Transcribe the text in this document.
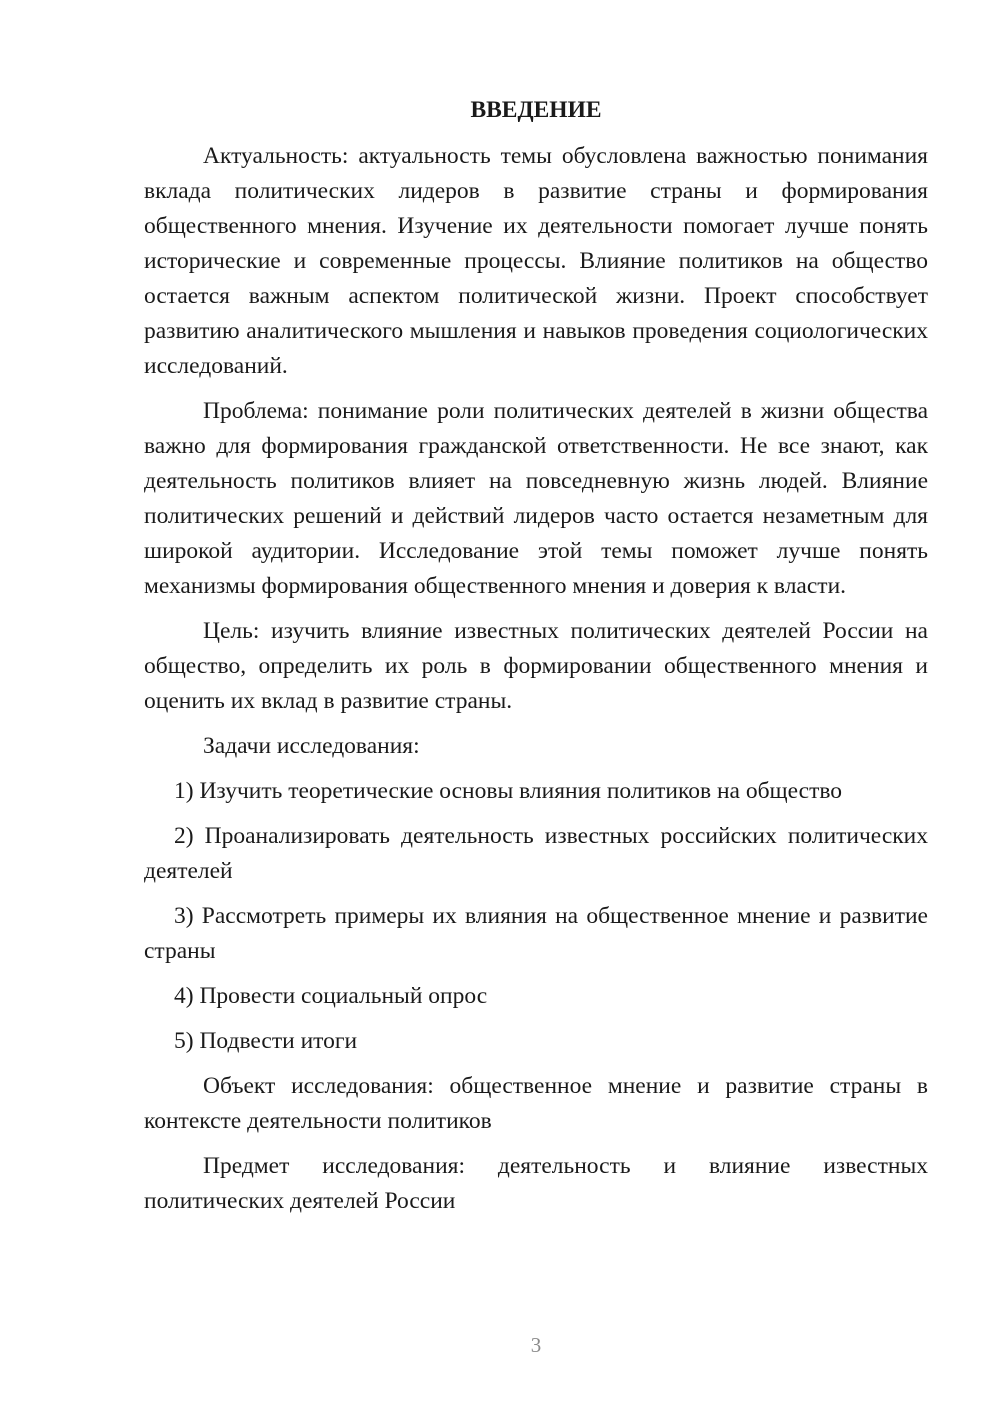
ВВЕДЕНИЕ

Актуальность: актуальность темы обусловлена важностью понимания вклада политических лидеров в развитие страны и формирования общественного мнения. Изучение их деятельности помогает лучше понять исторические и современные процессы. Влияние политиков на общество остается важным аспектом политической жизни. Проект способствует развитию аналитического мышления и навыков проведения социологических исследований.

Проблема: понимание роли политических деятелей в жизни общества важно для формирования гражданской ответственности. Не все знают, как деятельность политиков влияет на повседневную жизнь людей. Влияние политических решений и действий лидеров часто остается незаметным для широкой аудитории. Исследование этой темы поможет лучше понять механизмы формирования общественного мнения и доверия к власти.

Цель: изучить влияние известных политических деятелей России на общество, определить их роль в формировании общественного мнения и оценить их вклад в развитие страны.

Задачи исследования:

1) Изучить теоретические основы влияния политиков на общество

2) Проанализировать деятельность известных российских политических деятелей

3) Рассмотреть примеры их влияния на общественное мнение и развитие страны

4) Провести социальный опрос

5) Подвести итоги

Объект исследования: общественное мнение и развитие страны в контексте деятельности политиков

Предмет исследования: деятельность и влияние известных политических деятелей России

3
